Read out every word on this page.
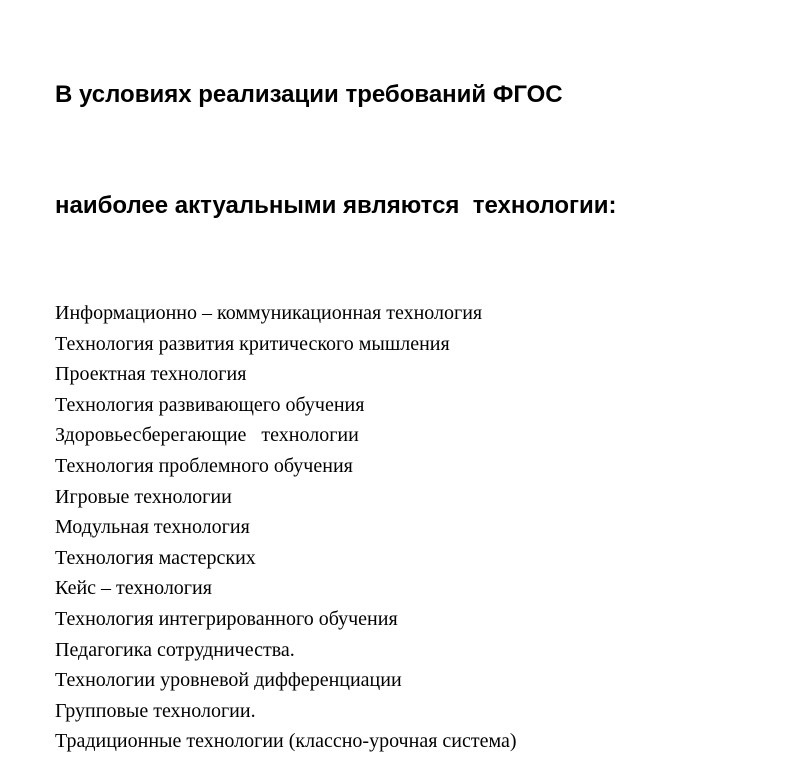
В условиях реализации требований ФГОС

наиболее актуальными являются  технологии:

Информационно – коммуникационная технология
Технология развития критического мышления
Проектная технология
Технология развивающего обучения
Здоровьесберегающие   технологии
Технология проблемного обучения
Игровые технологии
Модульная технология
Технология мастерских
Кейс – технология
Технология интегрированного обучения
Педагогика сотрудничества.
Технологии уровневой дифференциации
Групповые технологии.
Традиционные технологии (классно-урочная система)
